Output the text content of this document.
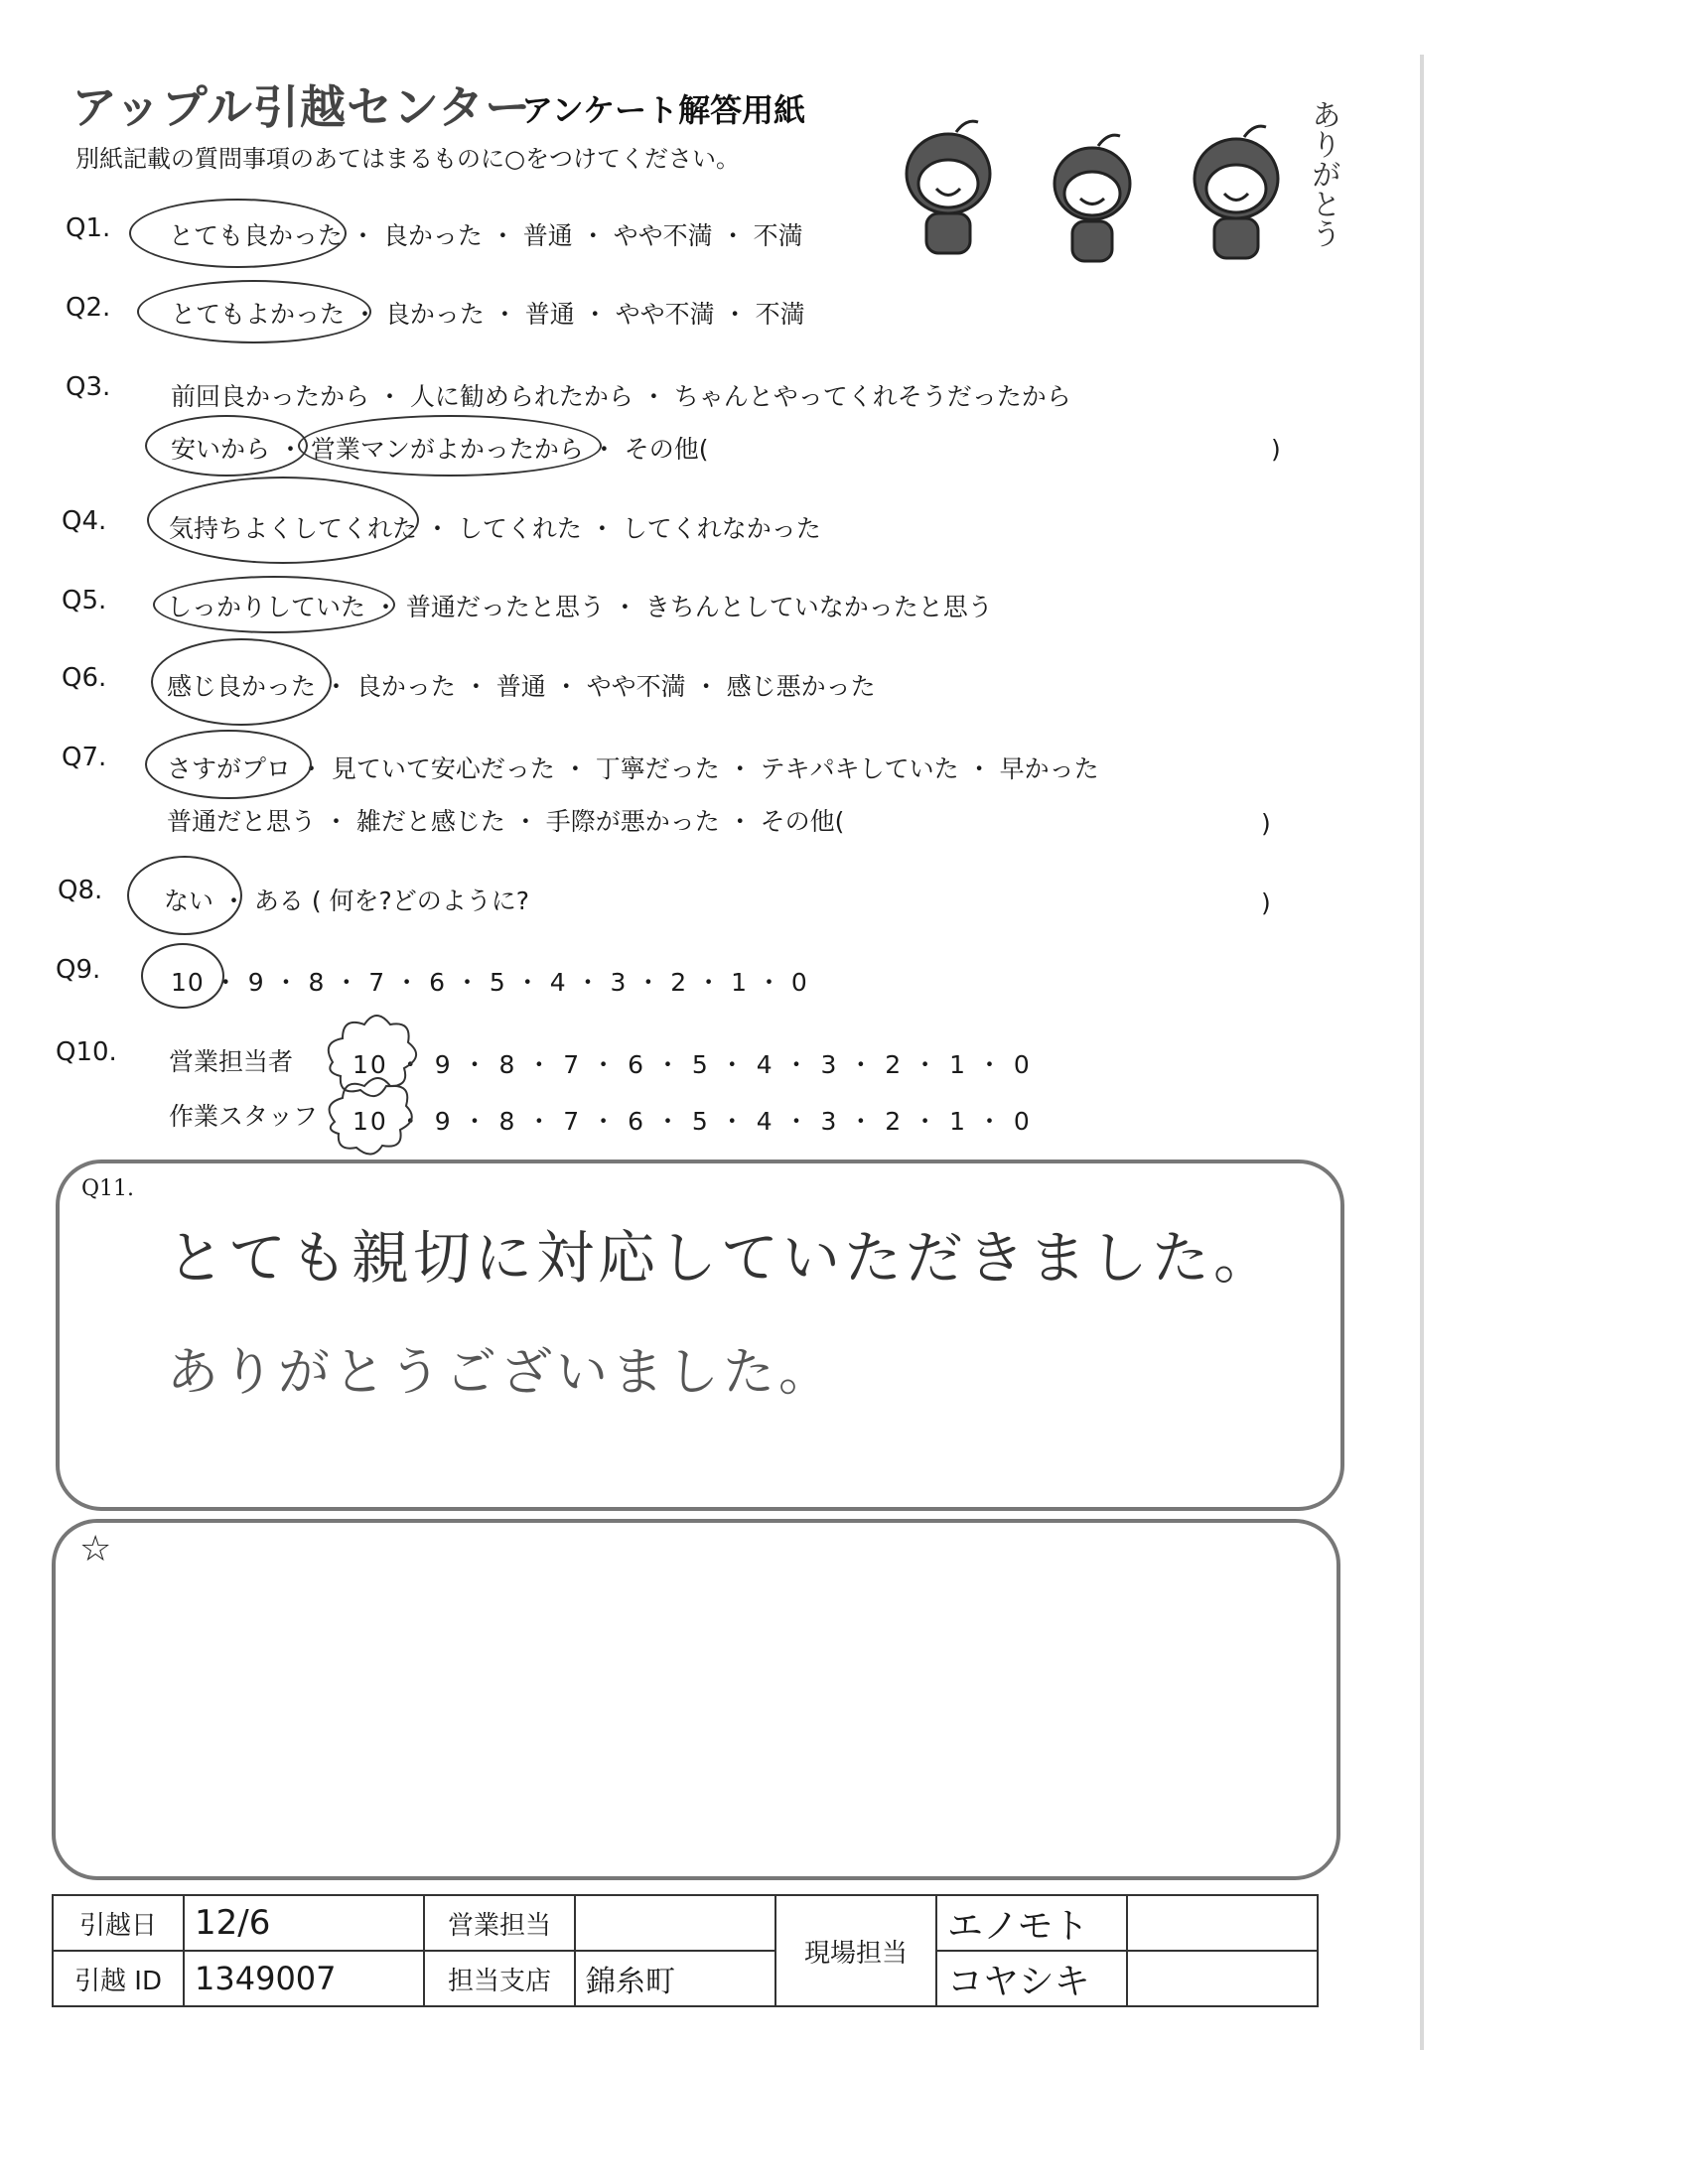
アップル引越センター
アンケート解答用紙
別紙記載の質問事項のあてはまるものに○をつけてください。	ありがとう
Q1. とても良かった ・ 良かった ・ 普通 ・ やや不満 ・ 不満
Q2. とてもよかった ・ 良かった ・ 普通 ・ やや不満 ・ 不満
Q3. 前回良かったから ・ 人に勧められたから ・ ちゃんとやってくれそうだったから
安いから ・ 営業マンがよかったから ・ その他(	)
Q4.	気持ちよくしてくれた ・ してくれた ・ してくれなかった
Q5. しっかりしていた ・ 普通だったと思う ・ きちんとしていなかったと思う
Q6. 感じ良かった ・ 良かった ・ 普通 ・ やや不満 ・ 感じ悪かった
Q7. さすがプロ ・ 見ていて安心だった ・ 丁寧だった ・ テキパキしていた ・ 早かった
普通だと思う ・ 雑だと感じた ・ 手際が悪かった ・ その他(	)
Q8. ない ・ ある ( 何を?どのように?	)
Q9.	10 ・ 9 ・ 8 ・ 7 ・ 6 ・ 5 ・ 4 ・ 3 ・ 2 ・ 1 ・ 0
Q10. 営業担当者 10 ・ 9 ・ 8 ・ 7 ・ 6 ・ 5 ・ 4 ・ 3 ・ 2 ・ 1 ・ 0
作業スタッフ 10 ・ 9 ・ 8 ・ 7 ・ 6 ・ 5 ・ 4 ・ 3 ・ 2 ・ 1 ・ 0
Q11.
とても親切に対応していただきました。
ありがとうございました。
☆
引越日	12/6	営業担当		現場担当	エノモト	
引越 ID	1349007	担当支店	錦糸町		コヤシキ	
